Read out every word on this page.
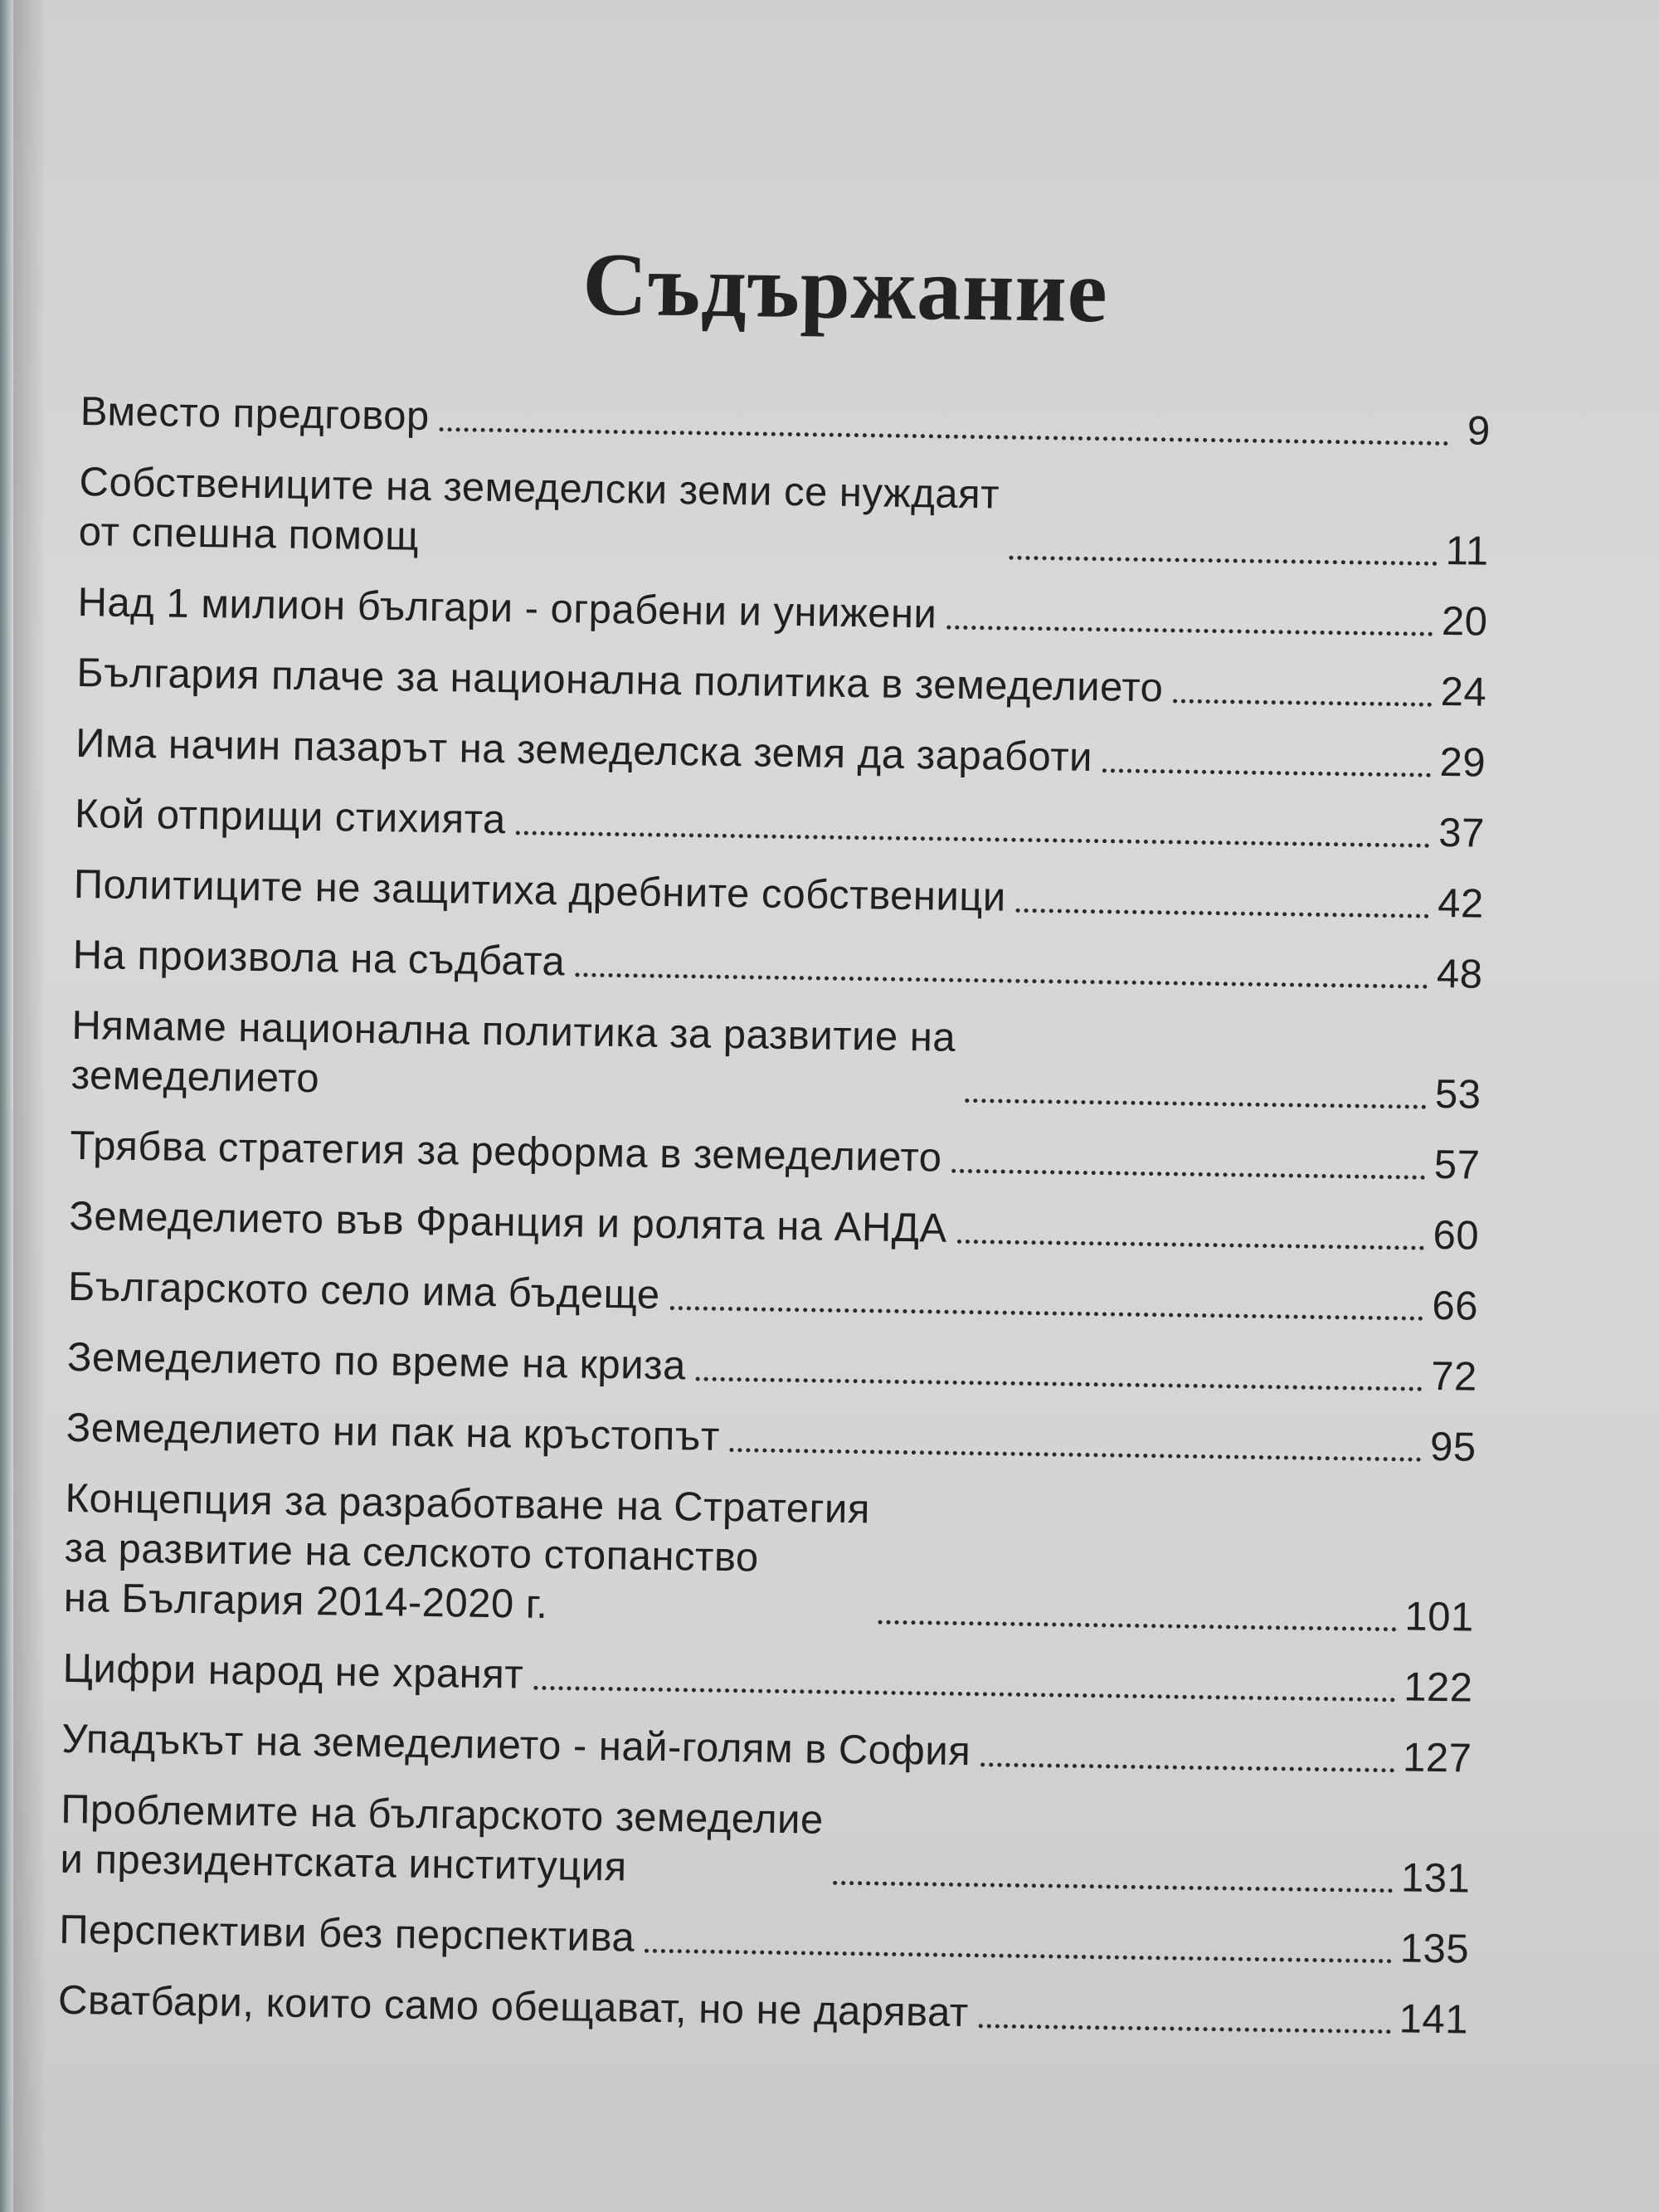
Съдържание
Вместо предговор	9
Собствениците на земеделски земи се нуждаят
от спешна помощ	11
Над 1 милион българи - ограбени и унижени	20
България плаче за национална политика в земеделието	24
Има начин пазарът на земеделска земя да заработи	29
Кой отприщи стихията	37
Политиците не защитиха дребните собственици	42
На произвола на съдбата	48
Нямаме национална политика за развитие на
земеделието	53
Трябва стратегия за реформа в земеделието	57
Земеделието във Франция и ролята на АНДА	60
Българското село има бъдеще	66
Земеделието по време на криза	72
Земеделието ни пак на кръстопът	95
Концепция за разработване на Стратегия
за развитие на селското стопанство
на България 2014-2020 г.	101
Цифри народ не хранят	122
Упадъкът на земеделието - най-голям в София	127
Проблемите на българското земеделие
и президентската институция	131
Перспективи без перспектива	135
Сватбари, които само обещават, но не даряват	141
